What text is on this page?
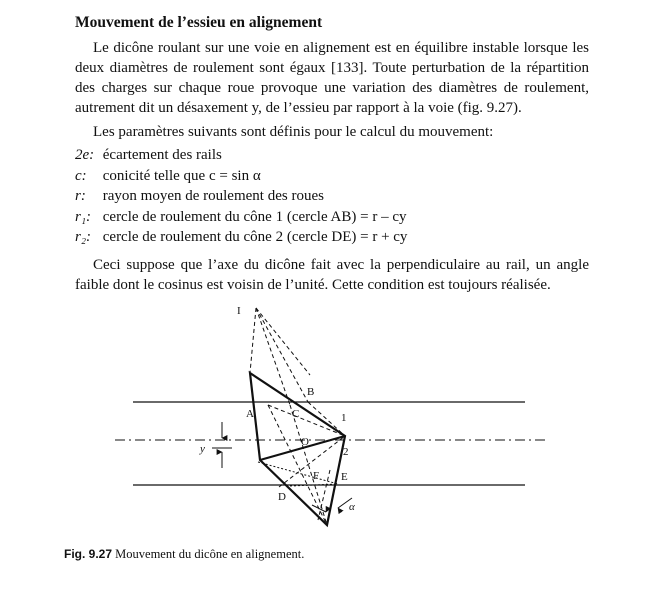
Mouvement de l’essieu en alignement
Le dicône roulant sur une voie en alignement est en équilibre instable lorsque les deux diamètres de roulement sont égaux [133]. Toute perturbation de la répartition des charges sur chaque roue provoque une variation des diamètres de roulement, autrement dit un désaxement y, de l’essieu par rapport à la voie (fig. 9.27).
Les paramètres suivants sont définis pour le calcul du mouvement:
2e: écartement des rails
c: conicité telle que c = sin α
r: rayon moyen de roulement des roues
r₁: cercle de roulement du cône 1 (cercle AB) = r – cy
r₂: cercle de roulement du cône 2 (cercle DE) = r + cy
Ceci suppose que l’axe du dicône fait avec la perpendiculaire au rail, un angle faible dont le cosinus est voisin de l’unité. Cette condition est toujours réalisée.
I
B
A	C	1
O
2
F E
D
y
α
Fig. 9.27 Mouvement du dicône en alignement.
